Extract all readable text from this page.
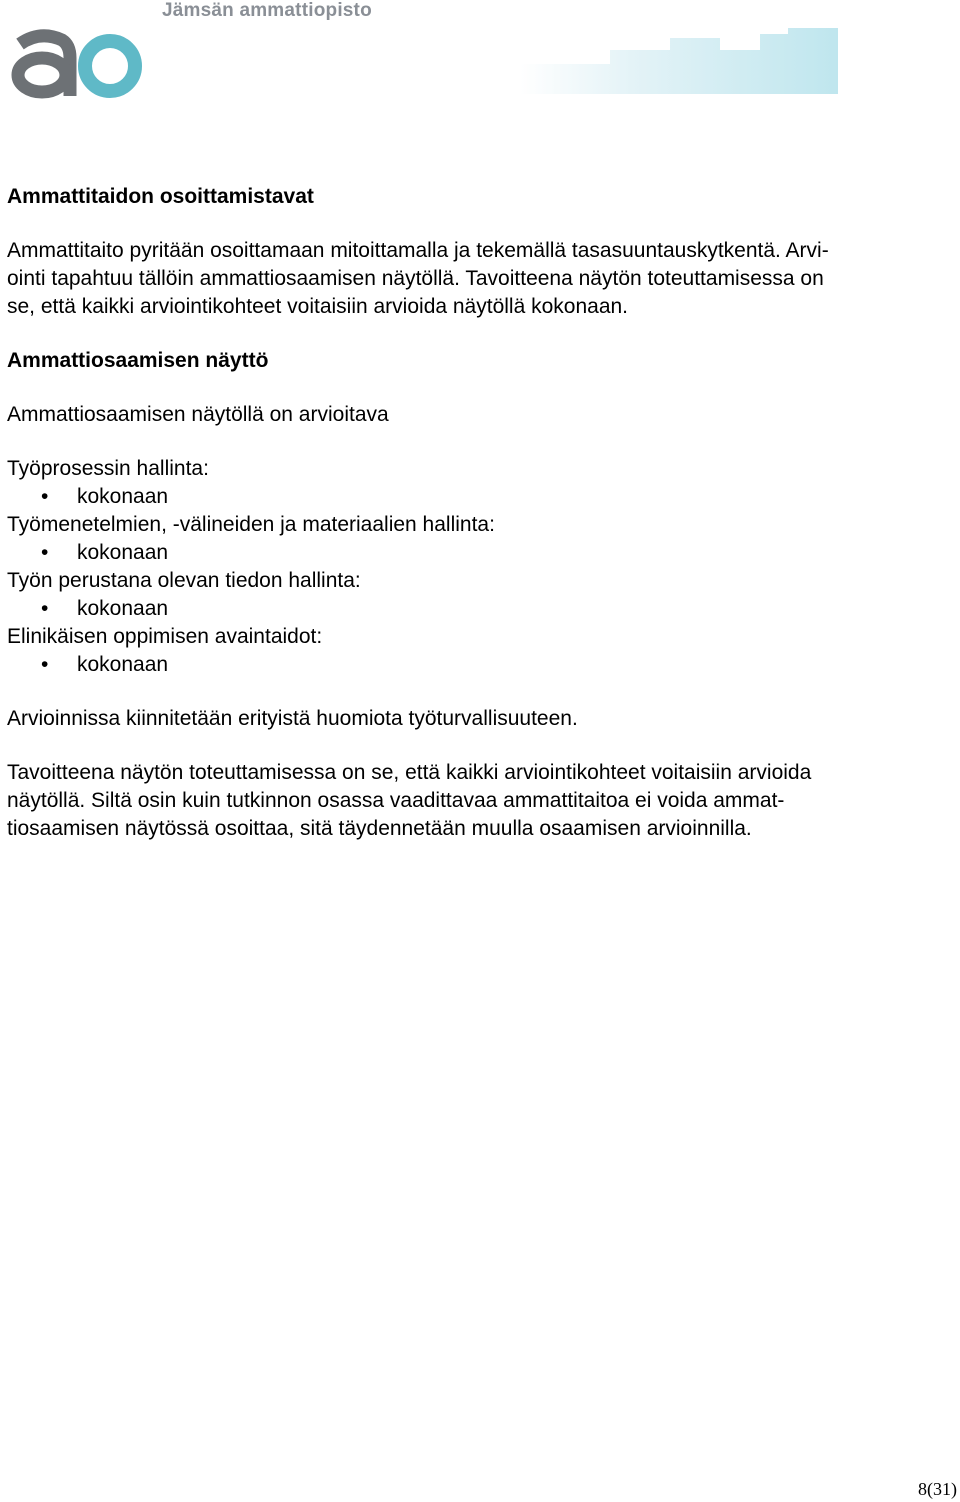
Jämsän ammattiopisto
Ammattitaidon osoittamistavat

Ammattitaito pyritään osoittamaan mitoittamalla ja tekemällä tasasuuntauskytkentä. Arvi-

ointi tapahtuu tällöin ammattiosaamisen näytöllä. Tavoitteena näytön toteuttamisessa on

se, että kaikki arviointikohteet voitaisiin arvioida näytöllä kokonaan.

Ammattiosaamisen näyttö

Ammattiosaamisen näytöllä on arvioitava

Työprosessin hallinta:

• kokonaan

Työmenetelmien, -välineiden ja materiaalien hallinta:

• kokonaan

Työn perustana olevan tiedon hallinta:

• kokonaan

Elinikäisen oppimisen avaintaidot:

• kokonaan

Arvioinnissa kiinnitetään erityistä huomiota työturvallisuuteen.

Tavoitteena näytön toteuttamisessa on se, että kaikki arviointikohteet voitaisiin arvioida

näytöllä. Siltä osin kuin tutkinnon osassa vaadittavaa ammattitaitoa ei voida ammat-

tiosaamisen näytössä osoittaa, sitä täydennetään muulla osaamisen arvioinnilla.

8(31)
